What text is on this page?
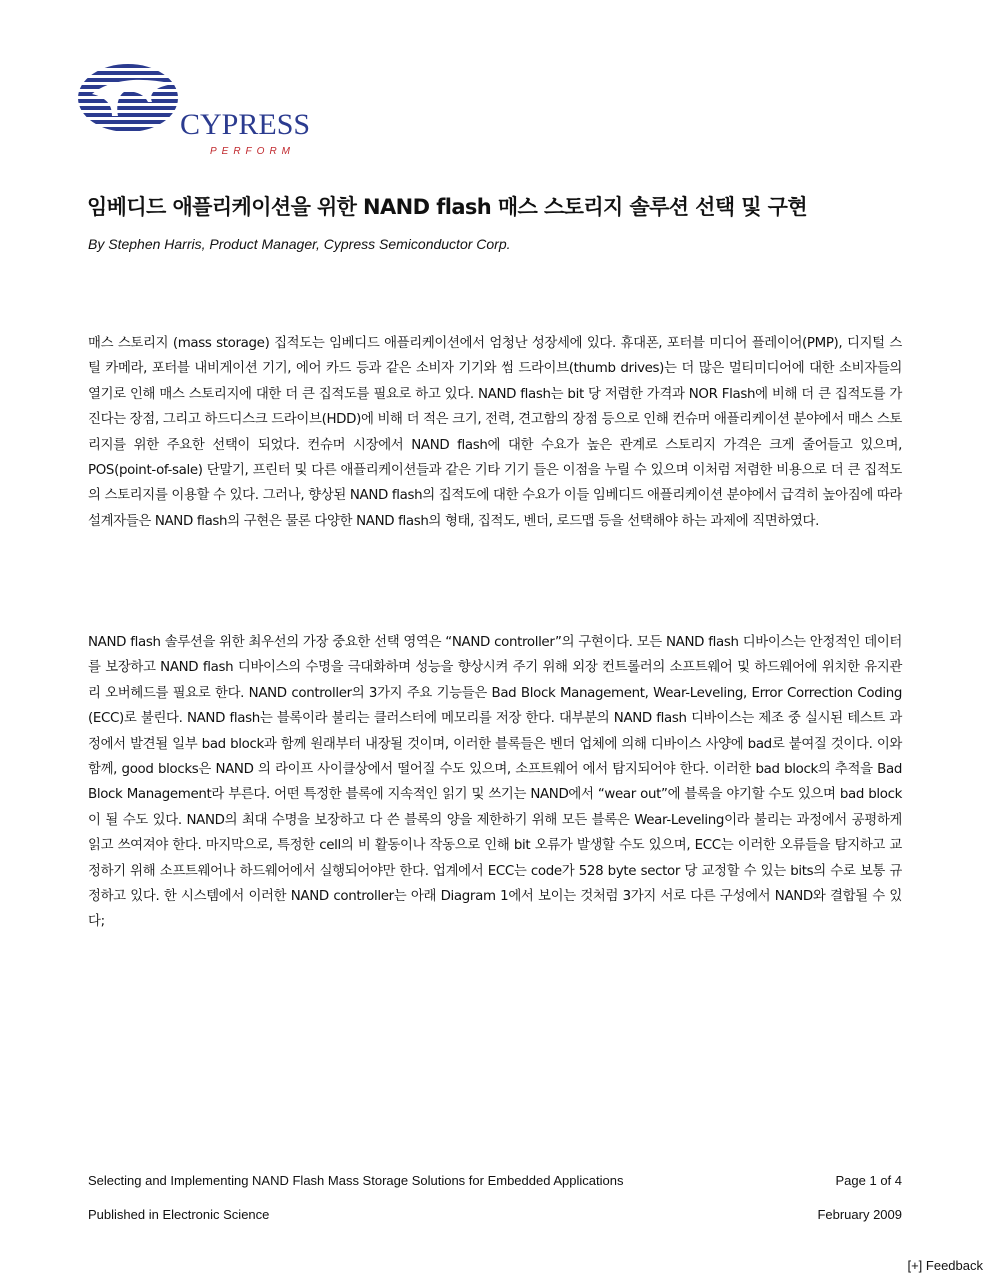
CYPRESS
PERFORM
임베디드 애플리케이션을 위한 NAND flash 매스 스토리지 솔루션 선택 및 구현
By Stephen Harris, Product Manager, Cypress Semiconductor Corp.

매스 스토리지 (mass storage) 집적도는 임베디드 애플리케이션에서 엄청난 성장세에 있다. 휴대폰, 포터블 미디어 플레이어(PMP), 디지털 스틸 카메라, 포터블 내비게이션 기기, 에어 카드 등과 같은 소비자 기기와 썸 드라이브(thumb drives)는 더 많은 멀티미디어에 대한 소비자들의 열기로 인해 매스 스토리지에 대한 더 큰 집적도를 필요로 하고 있다. NAND flash는 bit 당 저렴한 가격과 NOR Flash에 비해 더 큰 집적도를 가진다는 장점, 그리고 하드디스크 드라이브(HDD)에 비해 더 적은 크기, 전력, 견고함의 장점 등으로 인해 컨슈머 애플리케이션 분야에서 매스 스토리지를 위한 주요한 선택이 되었다. 컨슈머 시장에서 NAND flash에 대한 수요가 높은 관계로 스토리지 가격은 크게 줄어들고 있으며, POS(point-of-sale) 단말기, 프린터 및 다른 애플리케이션들과 같은 기타 기기 들은 이점을 누릴 수 있으며 이처럼 저렴한 비용으로 더 큰 집적도의 스토리지를 이용할 수 있다. 그러나, 향상된 NAND flash의 집적도에 대한 수요가 이들 임베디드 애플리케이션 분야에서 급격히 높아짐에 따라 설계자들은 NAND flash의 구현은 물론 다양한 NAND flash의 형태, 집적도, 벤더, 로드맵 등을 선택해야 하는 과제에 직면하였다.

NAND flash 솔루션을 위한 최우선의 가장 중요한 선택 영역은 “NAND controller”의 구현이다. 모든 NAND flash 디바이스는 안정적인 데이터를 보장하고 NAND flash 디바이스의 수명을 극대화하며 성능을 향상시켜 주기 위해 외장 컨트롤러의 소프트웨어 및 하드웨어에 위치한 유지관리 오버헤드를 필요로 한다. NAND controller의 3가지 주요 기능들은 Bad Block Management, Wear-Leveling, Error Correction Coding (ECC)로 불린다. NAND flash는 블록이라 불리는 클러스터에 메모리를 저장 한다. 대부분의 NAND flash 디바이스는 제조 중 실시된 테스트 과정에서 발견될 일부 bad block과 함께 원래부터 내장될 것이며, 이러한 블록들은 벤더 업체에 의해 디바이스 사양에 bad로 붙여질 것이다. 이와 함께, good blocks은 NAND 의 라이프 사이클상에서 떨어질 수도 있으며, 소프트웨어 에서 탐지되어야 한다. 이러한 bad block의 추적을 Bad Block Management라 부른다. 어떤 특정한 블록에 지속적인 읽기 및 쓰기는 NAND에서 “wear out”에 블록을 야기할 수도 있으며 bad block이 될 수도 있다. NAND의 최대 수명을 보장하고 다 쓴 블록의 양을 제한하기 위해 모든 블록은 Wear-Leveling이라 불리는 과정에서 공평하게 읽고 쓰여져야 한다. 마지막으로, 특정한 cell의 비 활동이나 작동으로 인해 bit 오류가 발생할 수도 있으며, ECC는 이러한 오류들을 탐지하고 교정하기 위해 소프트웨어나 하드웨어에서 실행되어야만 한다. 업계에서 ECC는 code가 528 byte sector 당 교정할 수 있는 bits의 수로 보통 규정하고 있다. 한 시스템에서 이러한 NAND controller는 아래 Diagram 1에서 보이는 것처럼 3가지 서로 다른 구성에서 NAND와 결합될 수 있다;

Selecting and Implementing NAND Flash Mass Storage Solutions for Embedded Applications	Page 1 of 4
Published in Electronic Science	February 2009
[+] Feedback
